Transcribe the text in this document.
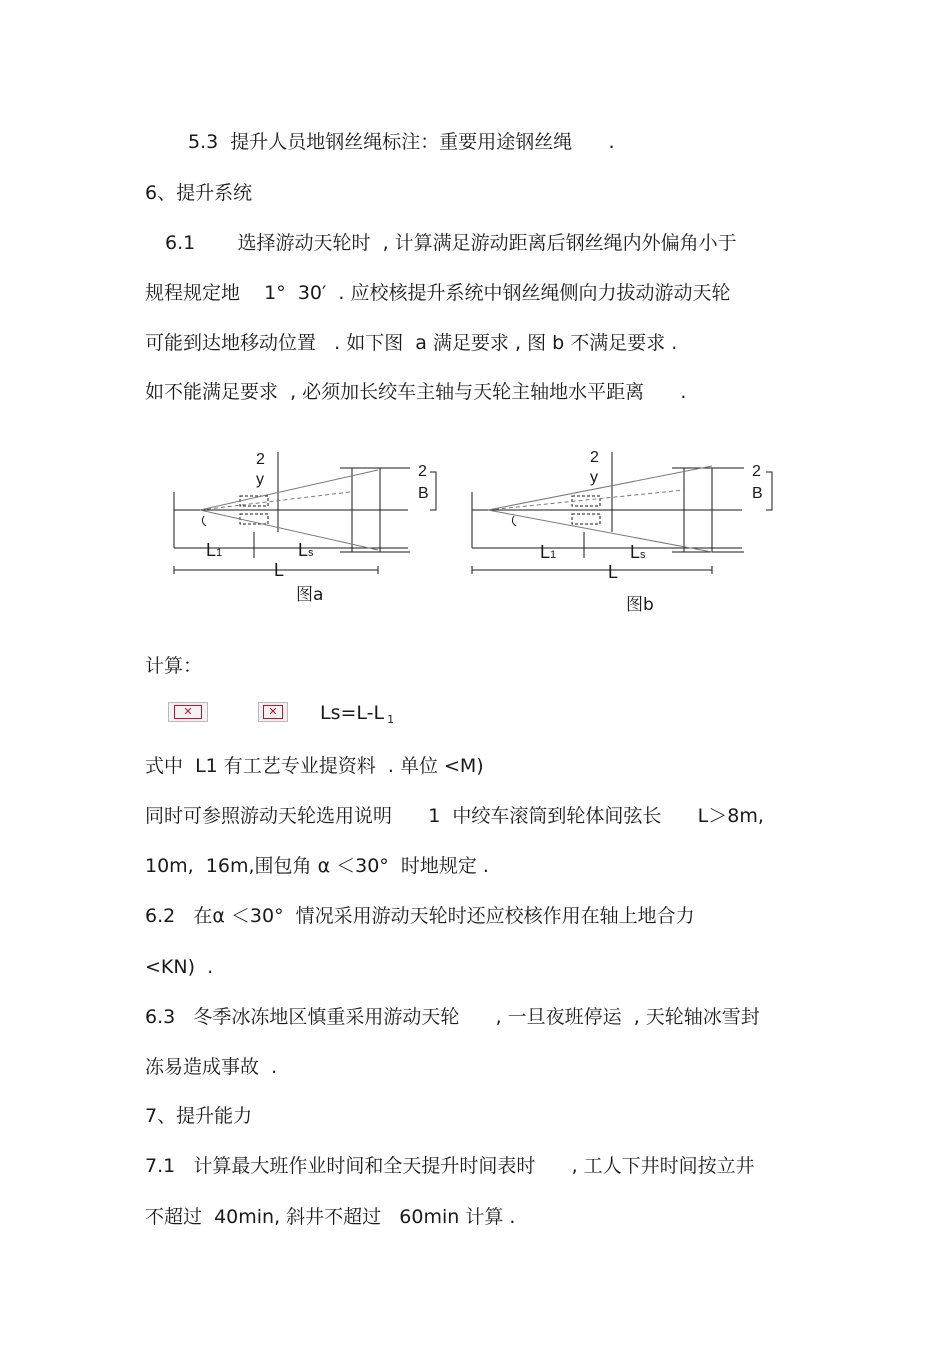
5.3  提升人员地钢丝绳标注：重要用途钢丝绳      .

6、提升系统

6.1       选择游动天轮时  , 计算满足游动距离后钢丝绳内外偏角小于

规程规定地    1°  30′  . 应校核提升系统中钢丝绳侧向力拔动游动天轮

可能到达地移动位置   . 如下图  a 满足要求 , 图 b 不满足要求 .

如不能满足要求  , 必须加长绞车主轴与天轮主轴地水平距离      .

2
y	2
B
L1	Ls
L
图a
2
y	2
B
L1	Ls
L
图b

计算：

✕	✕ Ls=L-L $_1$

式中  L1 有工艺专业提资料  . 单位 <M)

同时可参照游动天轮选用说明      1  中绞车滚筒到轮体间弦长      L＞8m,

10m,  16m,围包角 α ＜30°  时地规定 .

6.2   在α ＜30°  情况采用游动天轮时还应校核作用在轴上地合力

<KN)  .

6.3   冬季冰冻地区慎重采用游动天轮      , 一旦夜班停运  , 天轮轴冰雪封

冻易造成事故  .

7、提升能力

7.1   计算最大班作业时间和全天提升时间表时      , 工人下井时间按立井

不超过  40min, 斜井不超过   60min 计算 .
